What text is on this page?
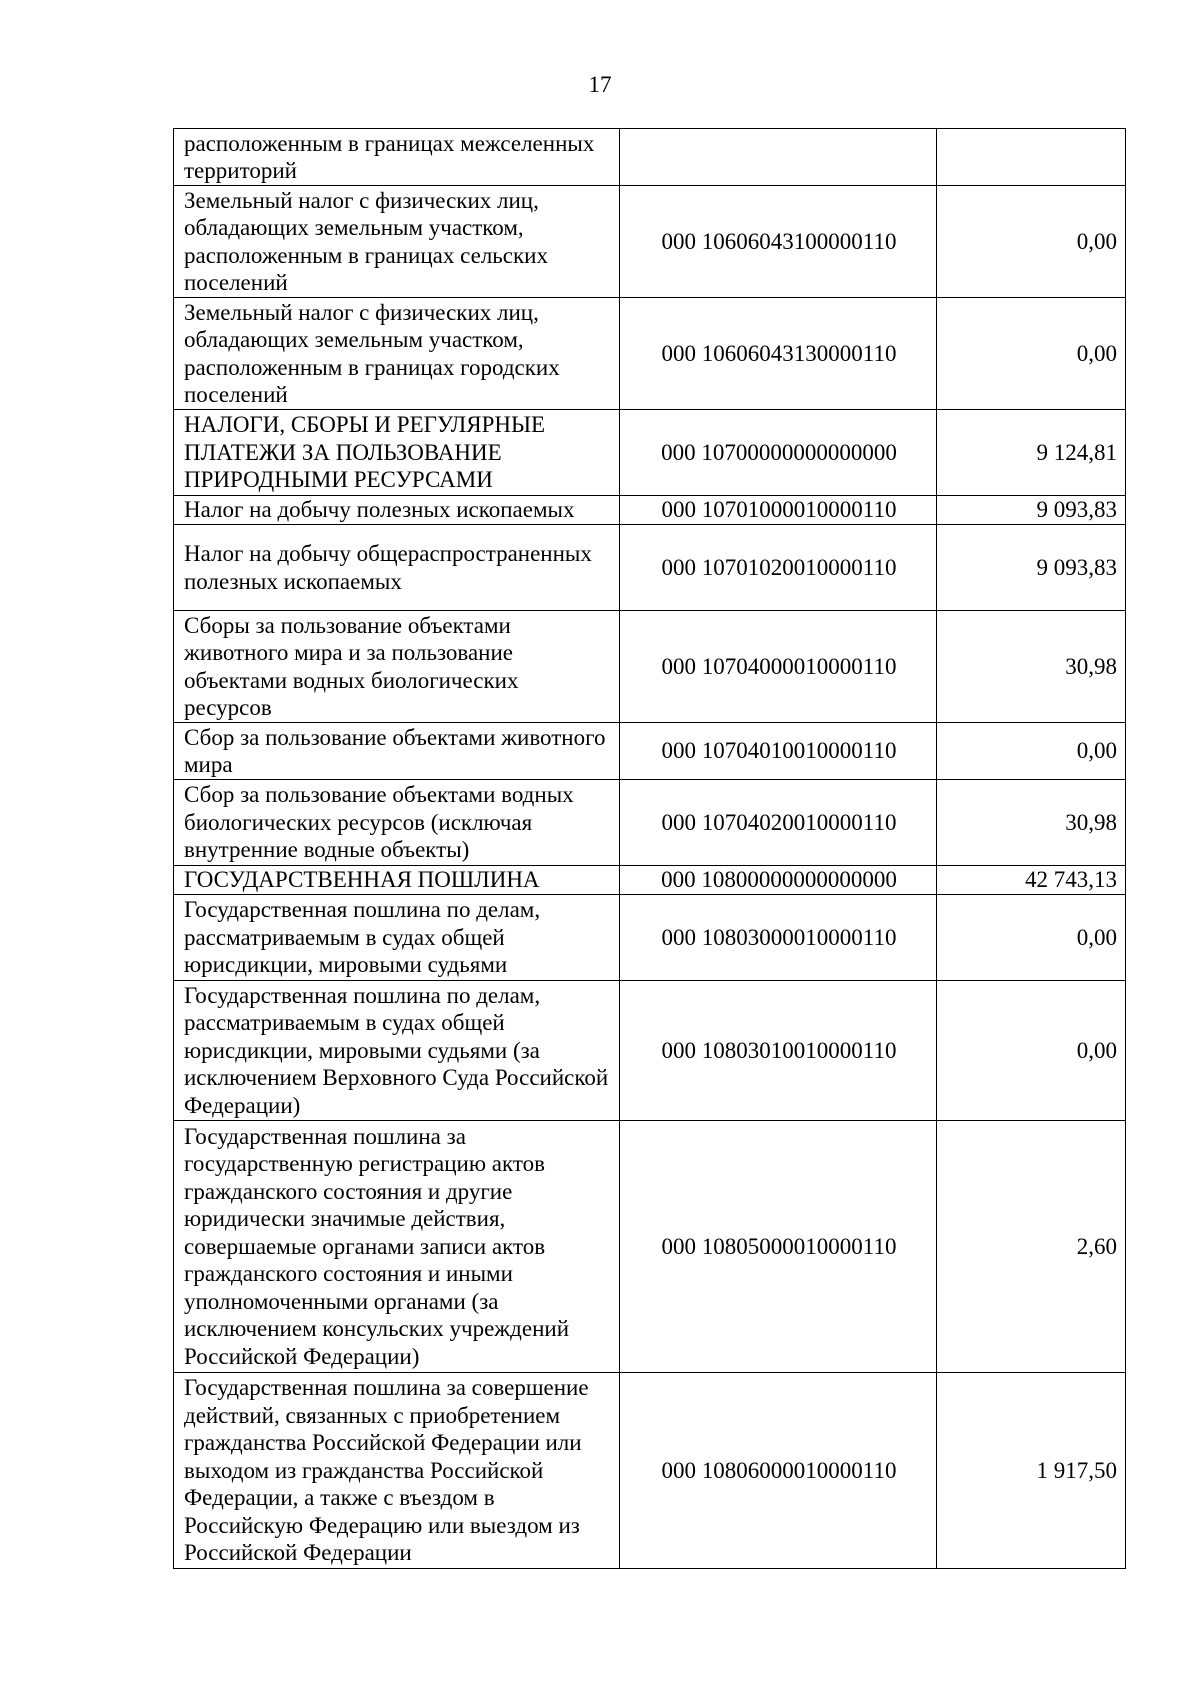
17
расположенным в границах межселенных территорий		
Земельный налог с физических лиц, обладающих земельным участком, расположенным в границах сельских поселений	000 10606043100000110	0,00
Земельный налог с физических лиц, обладающих земельным участком, расположенным в границах городских поселений	000 10606043130000110	0,00
НАЛОГИ, СБОРЫ И РЕГУЛЯРНЫЕ ПЛАТЕЖИ ЗА ПОЛЬЗОВАНИЕ ПРИРОДНЫМИ РЕСУРСАМИ	000 10700000000000000	9 124,81
Налог на добычу полезных ископаемых	000 10701000010000110	9 093,83
Налог на добычу общераспространенных полезных ископаемых	000 10701020010000110	9 093,83
Сборы за пользование объектами животного мира и за пользование объектами водных биологических ресурсов	000 10704000010000110	30,98
Сбор за пользование объектами животного мира	000 10704010010000110	0,00
Сбор за пользование объектами водных биологических ресурсов (исключая внутренние водные объекты)	000 10704020010000110	30,98
ГОСУДАРСТВЕННАЯ ПОШЛИНА	000 10800000000000000	42 743,13
Государственная пошлина по делам, рассматриваемым в судах общей юрисдикции, мировыми судьями	000 10803000010000110	0,00
Государственная пошлина по делам, рассматриваемым в судах общей юрисдикции, мировыми судьями (за исключением Верховного Суда Российской Федерации)	000 10803010010000110	0,00
Государственная пошлина за государственную регистрацию актов гражданского состояния и другие юридически значимые действия, совершаемые органами записи актов гражданского состояния и иными уполномоченными органами (за исключением консульских учреждений Российской Федерации)	000 10805000010000110	2,60
Государственная пошлина за совершение действий, связанных с приобретением гражданства Российской Федерации или выходом из гражданства Российской Федерации, а также с въездом в Российскую Федерацию или выездом из Российской Федерации	000 10806000010000110	1 917,50
